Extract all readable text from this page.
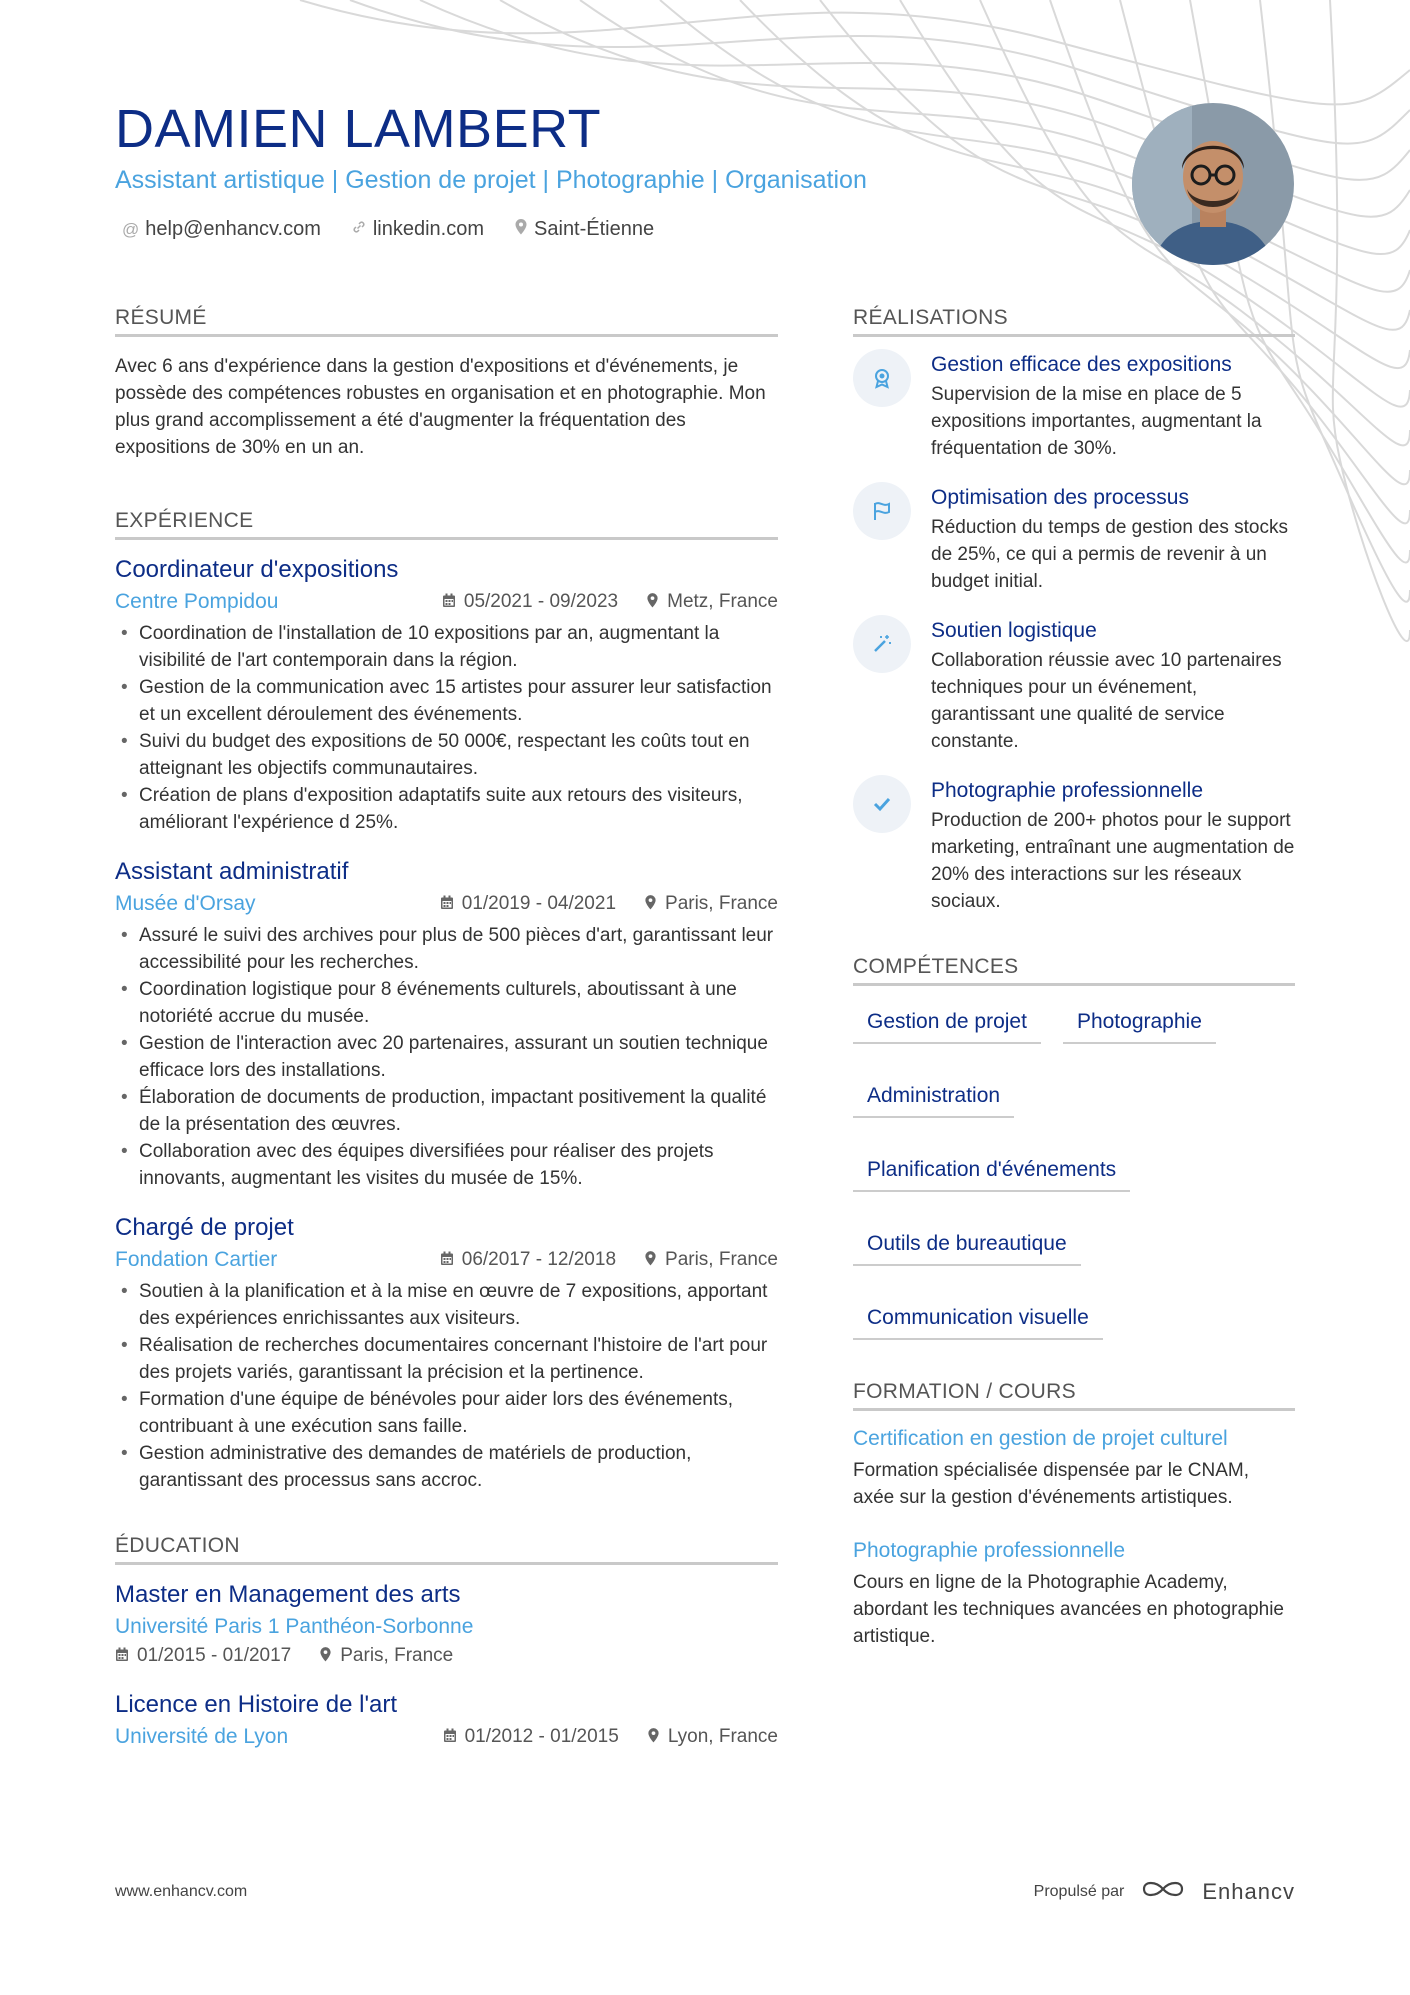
DAMIEN LAMBERT
Assistant artistique | Gestion de projet | Photographie | Organisation
@ help@enhancv.com	linkedin.com	Saint-Étienne
RÉSUMÉ

Avec 6 ans d'expérience dans la gestion d'expositions et d'événements, je possède des compétences robustes en organisation et en photographie. Mon plus grand accomplissement a été d'augmenter la fréquentation des expositions de 30% en un an.

EXPÉRIENCE
Coordinateur d'expositions
Centre Pompidou	05/2021 - 09/2023	Metz, France
• Coordination de l'installation de 10 expositions par an, augmentant la visibilité de l'art contemporain dans la région.
• Gestion de la communication avec 15 artistes pour assurer leur satisfaction et un excellent déroulement des événements.
• Suivi du budget des expositions de 50 000€, respectant les coûts tout en atteignant les objectifs communautaires.
• Création de plans d'exposition adaptatifs suite aux retours des visiteurs, améliorant l'expérience d 25%.
Assistant administratif
Musée d'Orsay	01/2019 - 04/2021	Paris, France
• Assuré le suivi des archives pour plus de 500 pièces d'art, garantissant leur accessibilité pour les recherches.
• Coordination logistique pour 8 événements culturels, aboutissant à une notoriété accrue du musée.
• Gestion de l'interaction avec 20 partenaires, assurant un soutien technique efficace lors des installations.
• Élaboration de documents de production, impactant positivement la qualité de la présentation des œuvres.
• Collaboration avec des équipes diversifiées pour réaliser des projets innovants, augmentant les visites du musée de 15%.
Chargé de projet
Fondation Cartier	06/2017 - 12/2018	Paris, France
• Soutien à la planification et à la mise en œuvre de 7 expositions, apportant des expériences enrichissantes aux visiteurs.
• Réalisation de recherches documentaires concernant l'histoire de l'art pour des projets variés, garantissant la précision et la pertinence.
• Formation d'une équipe de bénévoles pour aider lors des événements, contribuant à une exécution sans faille.
• Gestion administrative des demandes de matériels de production, garantissant des processus sans accroc.
ÉDUCATION
Master en Management des arts
Université Paris 1 Panthéon-Sorbonne
01/2015 - 01/2017	Paris, France
Licence en Histoire de l'art
Université de Lyon	01/2012 - 01/2015	Lyon, France
RÉALISATIONS
Gestion efficace des expositions
Supervision de la mise en place de 5 expositions importantes, augmentant la fréquentation de 30%.
Optimisation des processus
Réduction du temps de gestion des stocks de 25%, ce qui a permis de revenir à un budget initial.
Soutien logistique
Collaboration réussie avec 10 partenaires techniques pour un événement, garantissant une qualité de service constante.
Photographie professionnelle
Production de 200+ photos pour le support marketing, entraînant une augmentation de 20% des interactions sur les réseaux sociaux.
COMPÉTENCES
Gestion de projet	Photographie
Administration
Planification d'événements
Outils de bureautique
Communication visuelle
FORMATION / COURS
Certification en gestion de projet culturel
Formation spécialisée dispensée par le CNAM, axée sur la gestion d'événements artistiques.
Photographie professionnelle
Cours en ligne de la Photographie Academy, abordant les techniques avancées en photographie artistique.
www.enhancv.com	Propulsé par	Enhancv
